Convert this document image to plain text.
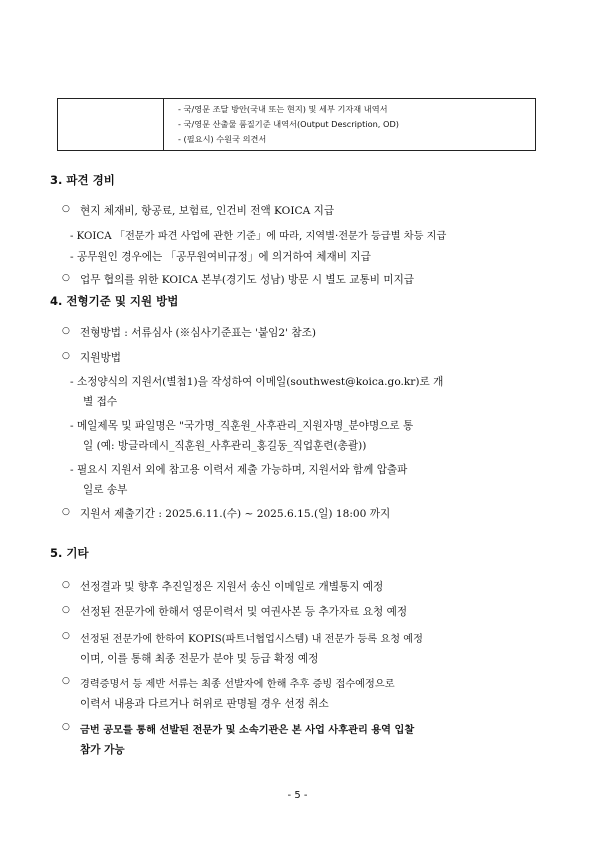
- 국/영문 조달 방안(국내 또는 현지) 및 세부 기자재 내역서
- 국/영문 산출물 품질기준 내역서(Output Description, OD)
- (필요시) 수원국 의견서
3. 파견 경비
○ 현지 체재비, 항공료, 보험료, 인건비 전액 KOICA 지급
- KOICA 「전문가 파견 사업에 관한 기준」에 따라, 지역별·전문가 등급별 차등 지급
- 공무원인 경우에는 「공무원여비규정」에 의거하여 체재비 지급
○ 업무 협의를 위한 KOICA 본부(경기도 성남) 방문 시 별도 교통비 미지급
4. 전형기준 및 지원 방법
○ 전형방법 : 서류심사 (※심사기준표는 '붙임2' 참조)
○ 지원방법
- 소정양식의 지원서(별첨1)을 작성하여 이메일(southwest@koica.go.kr)로 개
별 접수
- 메일제목 및 파일명은 "국가명_직훈원_사후관리_지원자명_분야명으로 통
일 (예: 방글라데시_직훈원_사후관리_홍길동_직업훈련(총괄))
- 필요시 지원서 외에 참고용 이력서 제출 가능하며, 지원서와 함께 압출파
일로 송부
○ 지원서 제출기간 : 2025.6.11.(수) ~ 2025.6.15.(일) 18:00 까지
5. 기타
○ 선정결과 및 향후 추진일정은 지원서 송신 이메일로 개별통지 예정
○ 선정된 전문가에 한해서 영문이력서 및 여권사본 등 추가자료 요청 예정
○ 선정된 전문가에 한하여 KOPIS(파트너협업시스템) 내 전문가 등록 요청 예정
이며, 이를 통해 최종 전문가 분야 및 등급 확정 예정
○ 경력증명서 등 제반 서류는 최종 선발자에 한해 추후 증빙 접수예정으로
이력서 내용과 다르거나 허위로 판명될 경우 선정 취소
○ 금번 공모를 통해 선발된 전문가 및 소속기관은 본 사업 사후관리 용역 입찰
참가 가능
- 5 -
